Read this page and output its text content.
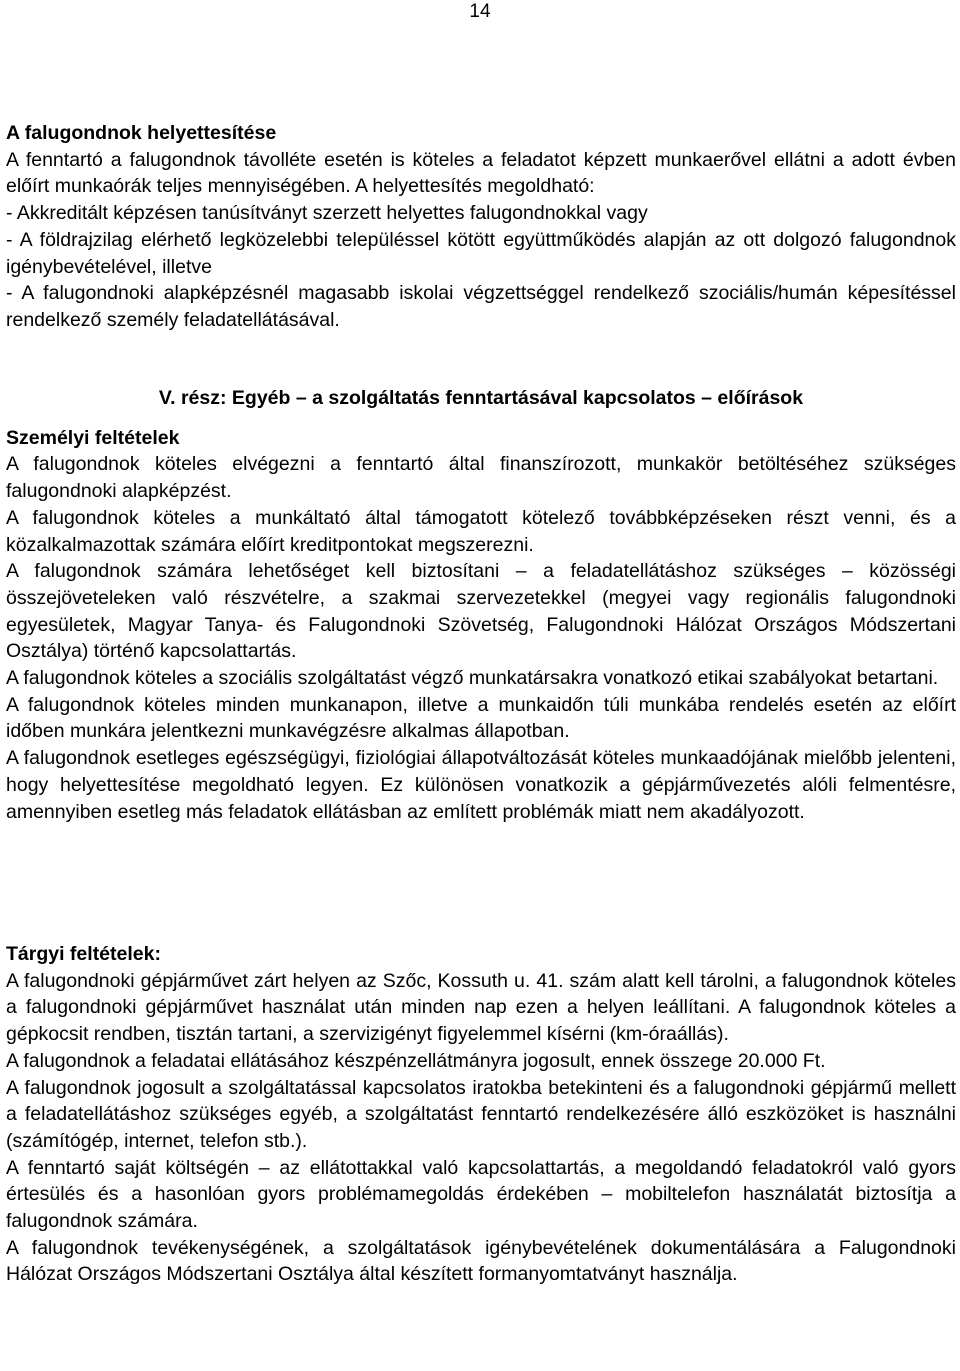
14
A falugondnok helyettesítése

A fenntartó a falugondnok távolléte esetén is köteles a feladatot képzett munkaerővel ellátni a adott évben előírt munkaórák teljes mennyiségében. A helyettesítés megoldható:

- Akkreditált képzésen tanúsítványt szerzett helyettes falugondnokkal vagy

- A földrajzilag elérhető legközelebbi településsel kötött együttműködés alapján az ott dolgozó falugondnok igénybevételével, illetve

- A falugondnoki alapképzésnél magasabb iskolai végzettséggel rendelkező szociális/humán képesítéssel rendelkező személy feladatellátásával.

V. rész: Egyéb – a szolgáltatás fenntartásával kapcsolatos – előírások

Személyi feltételek

A falugondnok köteles elvégezni a fenntartó által finanszírozott, munkakör betöltéséhez szükséges falugondnoki alapképzést.

A falugondnok köteles a munkáltató által támogatott kötelező továbbképzéseken részt venni, és a közalkalmazottak számára előírt kreditpontokat megszerezni.

A falugondnok számára lehetőséget kell biztosítani – a feladatellátáshoz szükséges – közösségi összejöveteleken való részvételre, a szakmai szervezetekkel (megyei vagy regionális falugondnoki egyesületek, Magyar Tanya- és Falugondnoki Szövetség, Falugondnoki Hálózat Országos Módszertani Osztálya) történő kapcsolattartás.

A falugondnok köteles a szociális szolgáltatást végző munkatársakra vonatkozó etikai szabályokat betartani.

A falugondnok köteles minden munkanapon, illetve a munkaidőn túli munkába rendelés esetén az előírt időben munkára jelentkezni munkavégzésre alkalmas állapotban.

A falugondnok esetleges egészségügyi, fiziológiai állapotváltozását köteles munkaadójának mielőbb jelenteni, hogy helyettesítése megoldható legyen. Ez különösen vonatkozik a gépjárművezetés alóli felmentésre, amennyiben esetleg más feladatok ellátásban az említett problémák miatt nem akadályozott.

Tárgyi feltételek:

A falugondnoki gépjárművet zárt helyen az Szőc, Kossuth u. 41. szám alatt kell tárolni, a falugondnok köteles a falugondnoki gépjárművet használat után minden nap ezen a helyen leállítani. A falugondnok köteles a gépkocsit rendben, tisztán tartani, a szervizigényt figyelemmel kísérni (km-óraállás).

A falugondnok a feladatai ellátásához készpénzellátmányra jogosult, ennek összege 20.000 Ft.

A falugondnok jogosult a szolgáltatással kapcsolatos iratokba betekinteni és a falugondnoki gépjármű mellett a feladatellátáshoz szükséges egyéb, a szolgáltatást fenntartó rendelkezésére álló eszközöket is használni (számítógép, internet, telefon stb.).

A fenntartó saját költségén – az ellátottakkal való kapcsolattartás, a megoldandó feladatokról való gyors értesülés és a hasonlóan gyors problémamegoldás érdekében – mobiltelefon használatát biztosítja a falugondnok számára.

A falugondnok tevékenységének, a szolgáltatások igénybevételének dokumentálására a Falugondnoki Hálózat Országos Módszertani Osztálya által készített formanyomtatványt használja.
